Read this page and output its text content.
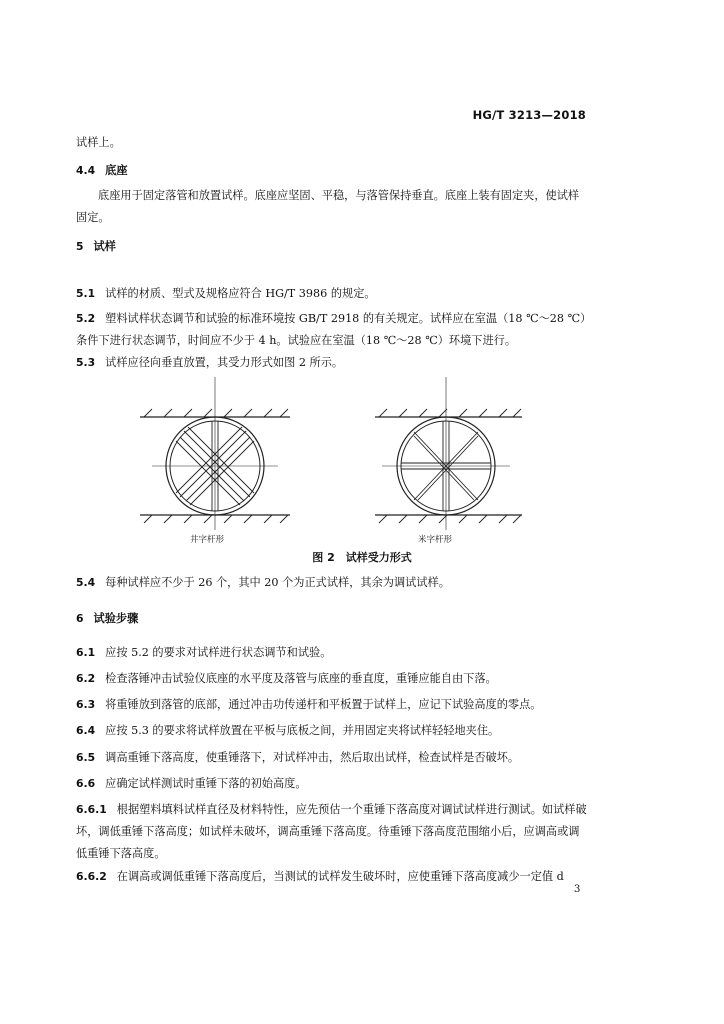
HG/T 3213—2018

试样上。

4.4 底座

底座用于固定落管和放置试样。底座应坚固、平稳，与落管保持垂直。底座上装有固定夹，使试样固定。

5 试样

5.1 试样的材质、型式及规格应符合 HG/T 3986 的规定。

5.2 塑料试样状态调节和试验的标准环境按 GB/T 2918 的有关规定。试样应在室温（18 ℃～28 ℃）条件下进行状态调节，时间应不少于 4 h。试验应在室温（18 ℃～28 ℃）环境下进行。

5.3 试样应径向垂直放置，其受力形式如图 2 所示。

井字杆形	米字杆形
图 2　试样受力形式

5.4 每种试样应不少于 26 个，其中 20 个为正式试样，其余为调试试样。

6 试验步骤

6.1 应按 5.2 的要求对试样进行状态调节和试验。

6.2 检查落锤冲击试验仪底座的水平度及落管与底座的垂直度，重锤应能自由下落。

6.3 将重锤放到落管的底部，通过冲击功传递杆和平板置于试样上，应记下试验高度的零点。

6.4 应按 5.3 的要求将试样放置在平板与底板之间，并用固定夹将试样轻轻地夹住。

6.5 调高重锤下落高度，使重锤落下，对试样冲击，然后取出试样，检查试样是否破坏。

6.6 应确定试样测试时重锤下落的初始高度。

6.6.1 根据塑料填料试样直径及材料特性，应先预估一个重锤下落高度对调试试样进行测试。如试样破坏，调低重锤下落高度；如试样未破坏，调高重锤下落高度。待重锤下落高度范围缩小后，应调高或调低重锤下落高度。

6.6.2 在调高或调低重锤下落高度后，当测试的试样发生破坏时，应使重锤下落高度减少一定值 d

3
